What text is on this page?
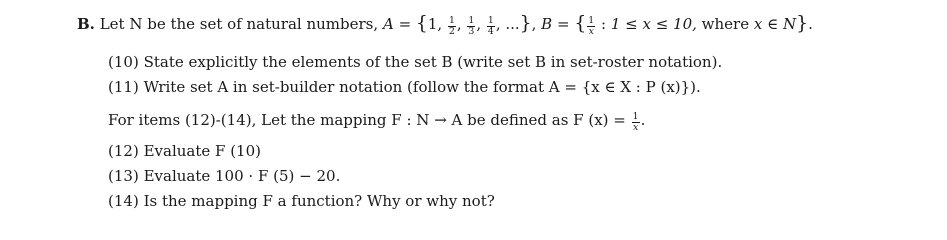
B. Let N be the set of natural numbers, A = {1, $\frac{1}{2}$ , $\frac{1}{3}$ , $\frac{1}{4}$ , ...}, B = { $\frac{1}{x}$ : 1 ≤ x ≤ 10, where x ∈ N}.
(10) State explicitly the elements of the set B (write set B in set-roster notation).
(11) Write set A in set-builder notation (follow the format A = {x ∈ X : P (x)}).
For items (12)-(14), Let the mapping F : N → A be defined as F $(x) = \frac{1}{x}$ .
(12) Evaluate F (10)
(13) Evaluate 100 · F (5) − 20.
(14) Is the mapping F a function? Why or why not?
